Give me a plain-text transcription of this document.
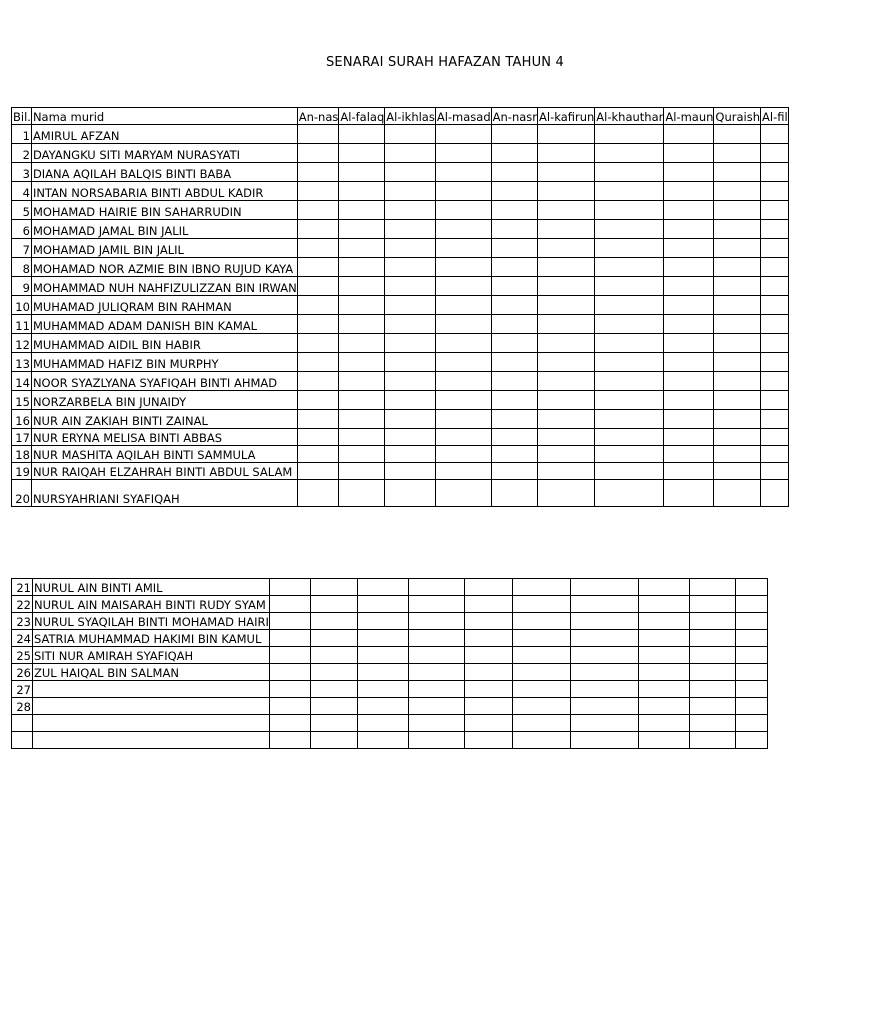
SENARAI SURAH HAFAZAN TAHUN 4
Bil.	Nama murid	An-nas	Al-falaq	Al-ikhlas	Al-masad	An-nasr	Al-kafirun	Al-khauthar	Al-maun	Quraish	Al-fil
1	AMIRUL AFZAN										
2	DAYANGKU SITI MARYAM NURASYATI										
3	DIANA AQILAH BALQIS BINTI BABA										
4	INTAN NORSABARIA BINTI ABDUL KADIR										
5	MOHAMAD HAIRIE BIN SAHARRUDIN										
6	MOHAMAD JAMAL BIN JALIL										
7	MOHAMAD JAMIL BIN JALIL										
8	MOHAMAD NOR AZMIE BIN IBNO RUJUD KAYA										
9	MOHAMMAD NUH NAHFIZULIZZAN BIN IRWAN										
10	MUHAMAD JULIQRAM BIN RAHMAN										
11	MUHAMMAD ADAM DANISH BIN KAMAL										
12	MUHAMMAD AIDIL BIN HABIR										
13	MUHAMMAD HAFIZ BIN MURPHY										
14	NOOR SYAZLYANA SYAFIQAH BINTI AHMAD										
15	NORZARBELA BIN JUNAIDY										
16	NUR AIN ZAKIAH BINTI ZAINAL										
17	NUR ERYNA MELISA BINTI ABBAS										
18	NUR MASHITA AQILAH BINTI SAMMULA										
19	NUR RAIQAH ELZAHRAH BINTI ABDUL SALAM										
20	NURSYAHRIANI SYAFIQAH										
21	NURUL AIN BINTI AMIL										
22	NURUL AIN MAISARAH BINTI RUDY SYAM										
23	NURUL SYAQILAH BINTI MOHAMAD HAIRI										
24	SATRIA MUHAMMAD HAKIMI BIN KAMUL										
25	SITI NUR AMIRAH SYAFIQAH										
26	ZUL HAIQAL BIN SALMAN										
27											
28											
